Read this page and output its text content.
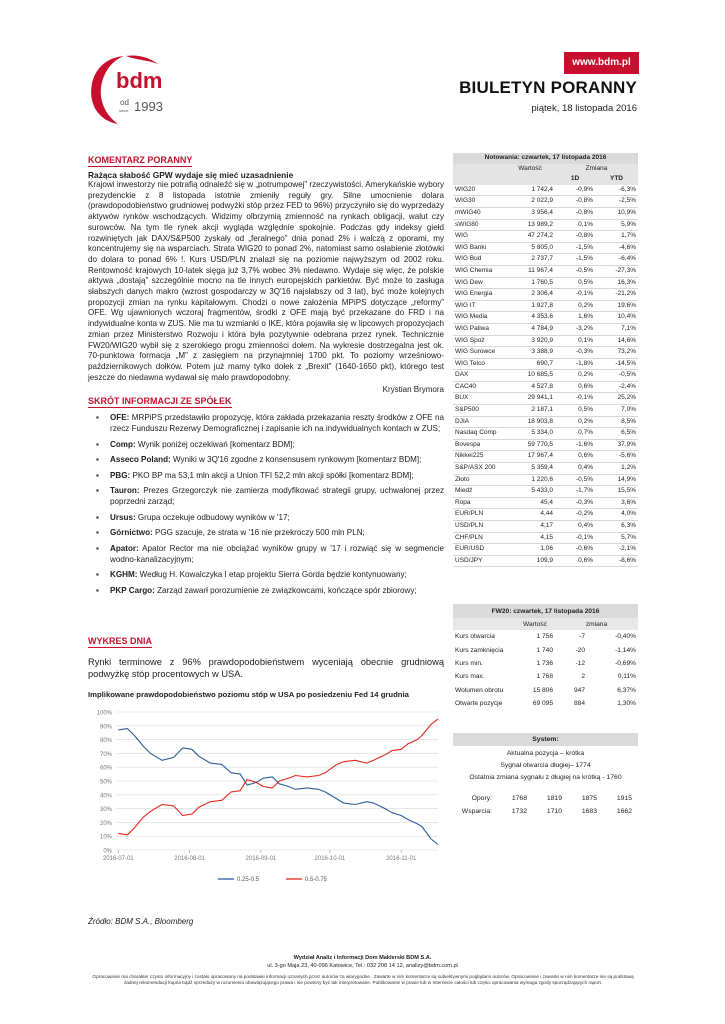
bdm
od
since 1993
www.bdm.pl
BIULETYN PORANNY
piątek, 18 listopada 2016
KOMENTARZ PORANNY
Rażąca słabość GPW wydaje się mieć uzasadnienie
Krajowi inwestorzy nie potrafią odnaleźć się w „potrumpowej” rzeczywistości. Amerykańskie wybory prezydenckie z 8 listopada istotnie zmieniły reguły gry. Silne umocnienie dolara (prawdopodobieństwo grudniowej podwyżki stóp przez FED to 96%) przyczyniło się do wyprzedaży aktywów rynków wschodzących. Widzimy olbrzymią zmienność na rynkach obligacji, walut czy surowców. Na tym tle rynek akcji wygląda względnie spokojnie. Podczas gdy indeksy giełd rozwiniętych jak DAX/S&P500 zyskały od „feralnego” dnia ponad 2% i walczą z oporami, my koncentrujemy się na wsparciach. Strata WIG20 to ponad 2%, natomiast samo osłabienie złotówki do dolara to ponad 6% !. Kurs USD/PLN znalazł się na poziomie najwyższym od 2002 roku. Rentowność krajowych 10-latek sięga już 3,7% wobec 3% niedawno. Wydaje się więc, że polskie aktywa „dostają” szczególnie mocno na tle innych europejskich parkietów. Być może to zasługa słabszych danych makro (wzrost gospodarczy w 3Q'16 najsłabszy od 3 lat), być może kolejnych propozycji zmian na rynku kapitałowym. Chodzi o nowe założenia MPiPS dotyczące „reformy” OFE. Wg ujawnionych wczoraj fragmentów, środki z OFE mają być przekazane do FRD i na indywidualne konta w ZUS. Nie ma tu wzmianki o IKE, która pojawiła się w lipcowych propozycjach zmian przez Ministerstwo Rozwoju i która była pozytywnie odebrana przez rynek. Technicznie FW20/WIG20 wybił się z szerokiego progu zmienności dołem. Na wykresie dostrzegalna jest ok. 70-punktowa formacja „M” z zasięgiem na przynajmniej 1700 pkt. To poziomy wrześniowo-październikowych dołków. Potem już mamy tylko dołek z „Brexit” (1640-1650 pkt), którego test jeszcze do niedawna wydawał się mało prawdopodobny.
Krystian Brymora
SKRÓT INFORMACJI ZE SPÓŁEK
▪ OFE: MRPiPS przedstawiło propozycję, która zakłada przekazania reszty środków z OFE na rzecz Funduszu Rezerwy Demograficznej i zapisanie ich na indywidualnych kontach w ZUS;
▪ Comp: Wynik poniżej oczekiwań [komentarz BDM];
▪ Asseco Poland: Wyniki w 3Q'16 zgodne z konsensusem rynkowym [komentarz BDM];
▪ PBG: PKO BP ma 53,1 mln akcji a Union TFI 52,2 mln akcji spółki [komentarz BDM];
▪ Tauron: Prezes Grzegorczyk nie zamierza modyfikować strategii grupy, uchwalonej przez poprzedni zarząd;
▪ Ursus: Grupa oczekuje odbudowy wyników w '17;
▪ Górnictwo: PGG szacuje, że strata w '16 nie przekroczy 500 mln PLN;
▪ Apator: Apator Rector ma nie obciążać wyników grupy w '17 i rozwiąć się w segmencie wodno-kanalizacyjnym;
▪ KGHM: Według H. Kowalczyka I etap projektu Sierra Gorda będzie kontynuowany;
▪ PKP Cargo: Zarząd zawarł porozumienie ze związkowcami, kończące spór zbiorowy;
WYKRES DNIA
Rynki terminowe z 96% prawdopodobieństwem wyceniają obecnie grudniową podwyżkę stóp procentowych w USA.
Implikowane prawdopodobieństwo poziomu stóp w USA po posiedzeniu Fed 14 grudnia
0%
10%
20%
30%
40%
50%
60%
70%
80%
90%
100%
2016-07-01	2016-08-01	2016-09-01	2016-10-01	2016-11-01
0.25-0.5	0.5-0.75
Źródło: BDM S.A., Bloomberg
Notowania: czwartek, 17 listopada 2016			
	Wartość	Zmiana	
		1D	YTD
WIG20	1 742,4	-0,9%	-6,3%
WIG30	2 022,9	-0,8%	-2,5%
mWIG40	3 956,4	-0,8%	10,9%
sWIG80	13 989,2	0,1%	5,9%
WIG	47 274,2	-0,8%	1,7%
WIG Banki	5 805,0	-1,5%	-4,6%
WIG Bud	2 737,7	-1,5%	-6,4%
WIG Chemia	11 967,4	-0,5%	-27,3%
WIG Dew	1 760,5	0,5%	16,3%
WIG Energia	2 306,4	-0,1%	-21,2%
WIG IT	1 927,8	0,2%	19,6%
WIG Media	4 353,6	1,6%	10,4%
WIG Paliwa	4 784,9	-3,2%	7,1%
WIG Spoż	3 920,9	0,1%	14,6%
WIG Surowce	3 388,9	-0,3%	73,2%
WIG Telco	690,7	-1,8%	-14,5%
DAX	10 685,5	0,2%	-0,5%
CAC40	4 527,8	0,6%	-2,4%
BUX	29 941,1	-0,1%	25,2%
S&P500	2 187,1	0,5%	7,0%
DJIA	18 903,8	0,2%	8,5%
Nasdaq Comp	5 334,0	0,7%	6,5%
Bovespa	59 770,5	-1,6%	37,9%
Nikkei225	17 967,4	0,6%	-5,6%
S&P/ASX 200	5 359,4	0,4%	1,2%
Złoto	1 220,6	-0,5%	14,9%
Miedź	5 433,0	-1,7%	15,5%
Ropa	45,4	-0,3%	3,6%
EUR/PLN	4,44	-0,2%	4,0%
USD/PLN	4,17	0,4%	6,3%
CHF/PLN	4,15	-0,1%	5,7%
EUR/USD	1,06	-0,6%	-2,1%
USD/JPY	109,9	0,6%	-8,6%
FW20: czwartek, 17 listopada 2016			
	Wartość	zmiana	
Kurs otwarcia	1 756	-7	-0,40%
Kurs zamknięcia	1 740	-20	-1,14%
Kurs min.	1 736	-12	-0,69%
Kurs max.	1 768	2	0,11%
Wolumen obrotu	15 806	947	6,37%
Otwarte pozycje	69 095	884	1,30%
System:
Aktualna pozycja – krótka
Sygnał otwarcia długiej– 1774
Ostatnia zmiana sygnału z długiej na krótką - 1760
Opory:	1768	1819	1875	1915
Wsparcia:	1732	1710	1683	1662
Wydział Analiz i Informacji Dom Maklerski BDM S.A.
ul. 3-go Maja 23, 40-096 Katowice, Tel.: 032 208 14 12, analizy@bdm.com.pl
Opracowanie ma charakter czysto informacyjny i zostało opracowany na podstawie informacji uznanych przez autorów za wiarygodne . Zawarte w nim komentarze są subiektywnymi poglądami autorów. Opracowanie i zawarte w nim komentarze nie są podstawą żadnej rekomendacji kupna bądź sprzedaży w rozumieniu obowiązującego prawa i nie powinny być tak interpretowane. Publikowanie w prasie lub w Internecie całości lub części opracowania wymaga zgody sporządzających raport.
